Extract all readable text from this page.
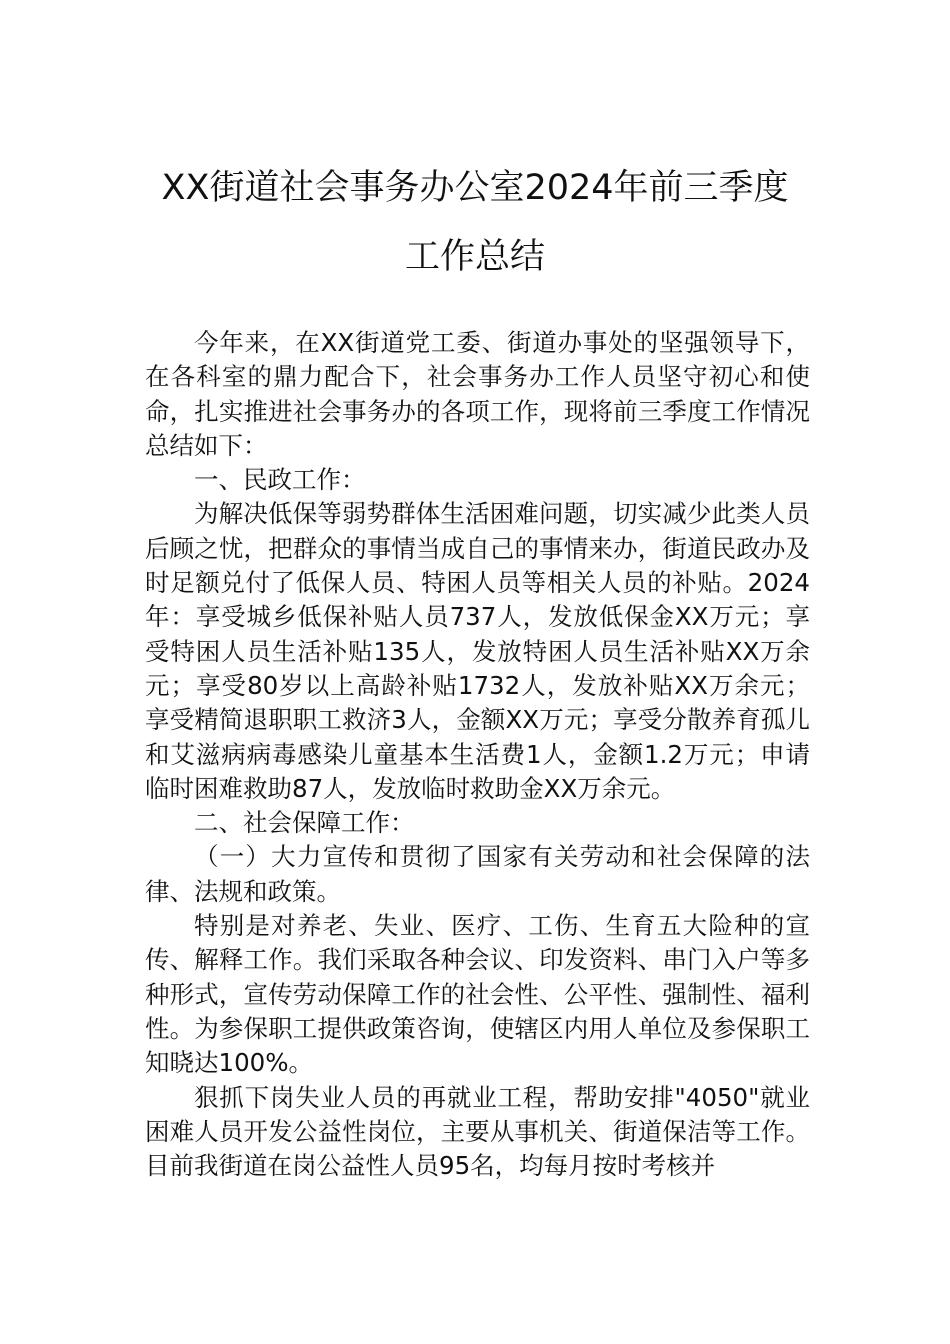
XX街道社会事务办公室2024年前三季度
工作总结

今年来，在XX街道党工委、街道办事处的坚强领导下，在各科室的鼎力配合下，社会事务办工作人员坚守初心和使命，扎实推进社会事务办的各项工作，现将前三季度工作情况总结如下：

一、民政工作：

为解决低保等弱势群体生活困难问题，切实减少此类人员后顾之忧，把群众的事情当成自己的事情来办，街道民政办及时足额兑付了低保人员、特困人员等相关人员的补贴。2024年：享受城乡低保补贴人员737人，发放低保金XX万元；享受特困人员生活补贴135人，发放特困人员生活补贴XX万余元；享受80岁以上高龄补贴1732人，发放补贴XX万余元；享受精简退职职工救济3人，金额XX万元；享受分散养育孤儿和艾滋病病毒感染儿童基本生活费1人，金额1.2万元；申请临时困难救助87人，发放临时救助金XX万余元。

二、社会保障工作：

（一）大力宣传和贯彻了国家有关劳动和社会保障的法律、法规和政策。

特别是对养老、失业、医疗、工伤、生育五大险种的宣传、解释工作。我们采取各种会议、印发资料、串门入户等多种形式，宣传劳动保障工作的社会性、公平性、强制性、福利性。为参保职工提供政策咨询，使辖区内用人单位及参保职工知晓达100%。

狠抓下岗失业人员的再就业工程，帮助安排"4050"就业困难人员开发公益性岗位，主要从事机关、街道保洁等工作。目前我街道在岗公益性人员95名，均每月按时考核并
